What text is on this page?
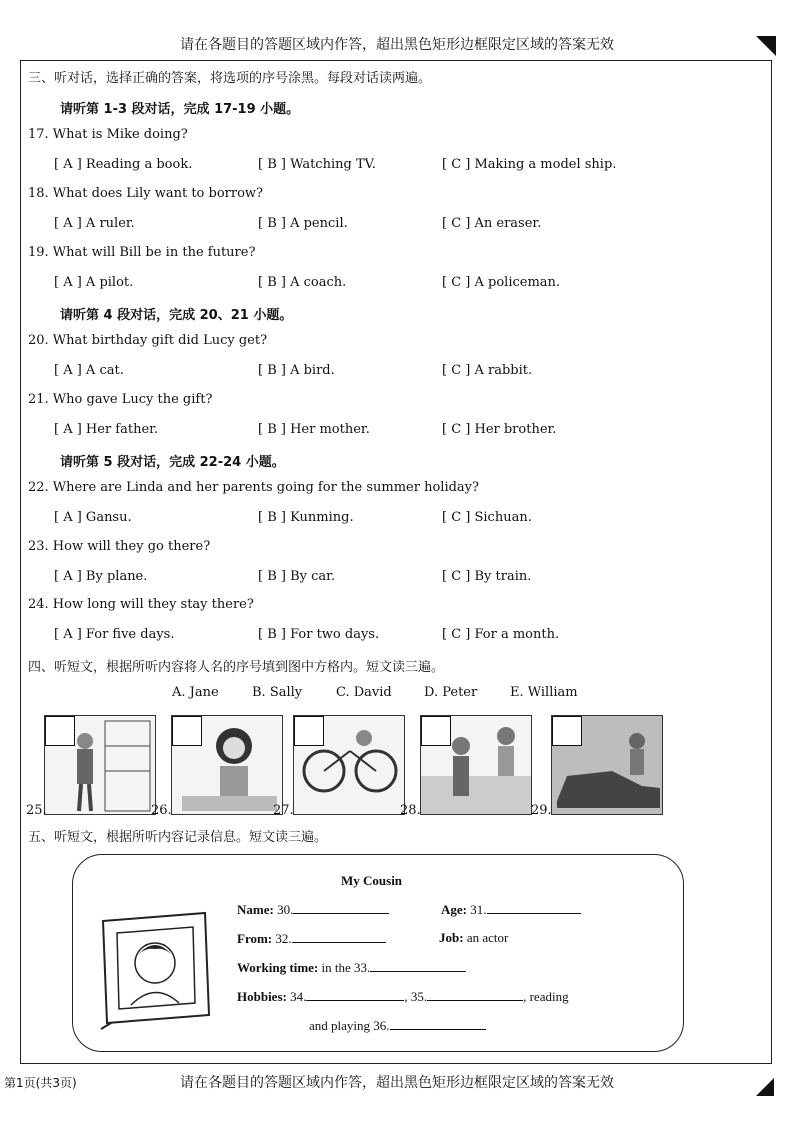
请在各题目的答题区域内作答，超出黑色矩形边框限定区域的答案无效
三、听对话，选择正确的答案，将选项的序号涂黑。每段对话读两遍。
请听第 1-3 段对话，完成 17-19 小题。
17. What is Mike doing?
[ A ] Reading a book.	[ B ] Watching TV.	[ C ] Making a model ship.
18. What does Lily want to borrow?
[ A ] A ruler.	[ B ] A pencil.	[ C ] An eraser.
19. What will Bill be in the future?
[ A ] A pilot.	[ B ] A coach.	[ C ] A policeman.
20. What birthday gift did Lucy get?
[ A ] A cat.	[ B ] A bird.	[ C ] A rabbit.
21. Who gave Lucy the gift?
[ A ] Her father.	[ B ] Her mother.	[ C ] Her brother.
22. Where are Linda and her parents going for the summer holiday?
[ A ] Gansu.	[ B ] Kunming.	[ C ] Sichuan.
23. How will they go there?
[ A ] By plane.	[ B ] By car.	[ C ] By train.
24. How long will they stay there?
[ A ] For five days.	[ B ] For two days.	[ C ] For a month.
请听第 4 段对话，完成 20、21 小题。
请听第 5 段对话，完成 22-24 小题。
四、听短文，根据所听内容将人名的序号填到图中方格内。短文读三遍。
A. Jane	B. Sally	C. David D. Peter	E. William
25.	26.	27.	28.	29.
五、听短文，根据所听内容记录信息。短文读三遍。
My Cousin
Name: 30.	Age: 31.
From: 32.	Job: an actor
Working time: in the 33.
Hobbies: 34.	, 35.	, reading
and playing 36.
第1页(共3页)	请在各题目的答题区域内作答，超出黑色矩形边框限定区域的答案无效
